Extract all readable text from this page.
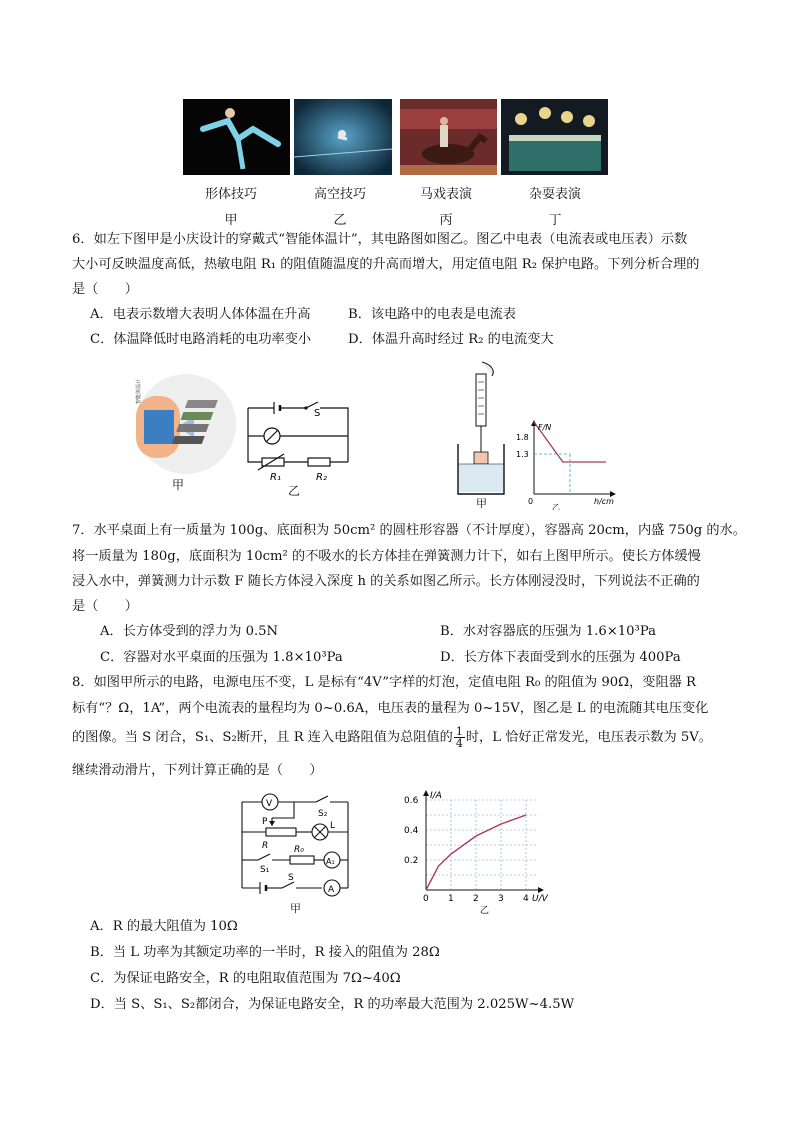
形体技巧	高空技巧	马戏表演	杂耍表演
甲	乙	丙	丁
6．如左下图甲是小庆设计的穿戴式“智能体温计”，其电路图如图乙。图乙中电表（电流表或电压表）示数
大小可反映温度高低，热敏电阻 R₁ 的阻值随温度的升高而增大，用定值电阻 R₂ 保护电路。下列分析合理的
是（　　）
A．电表示数增大表明人体体温在升高	B．该电路中的电表是电流表
C．体温降低时电路消耗的电功率变小	D．体温升高时经过 R₂ 的电流变大
智能体温计
甲
S
R₁	R₂
乙
甲
F/N
1.8
1.3
0	h/cm
乙
7．水平桌面上有一质量为 100g、底面积为 50cm² 的圆柱形容器（不计厚度），容器高 20cm，内盛 750g 的水。
将一质量为 180g，底面积为 10cm² 的不吸水的长方体挂在弹簧测力计下，如右上图甲所示。使长方体缓慢
浸入水中，弹簧测力计示数 F 随长方体浸入深度 h 的关系如图乙所示。长方体刚浸没时，下列说法不正确的
是（　　）
A．长方体受到的浮力为 0.5N	B．水对容器底的压强为 1.6×10³Pa
C．容器对水平桌面的压强为 1.8×10³Pa	D．长方体下表面受到水的压强为 400Pa
8．如图甲所示的电路，电源电压不变，L 是标有“4V”字样的灯泡，定值电阻 R₀ 的阻值为 90Ω，变阻器 R
标有“？Ω，1A”，两个电流表的量程均为 0~0.6A，电压表的量程为 0~15V，图乙是 L 的电流随其电压变化
的图像。当 S 闭合，S₁、S₂断开，且 R 连入电路阻值为总阻值的 $\frac{1}{4}$ 时，L 恰好正常发光，电压表示数为 5V。
继续滑动滑片，下列计算正确的是（　　）
V
S₂
P	L
R
S₁
R₀
A₁
S
A
甲
I/A
0.6
0.4
0.2
0 1 2 3 4 U/V
乙
A．R 的最大阻值为 10Ω
B．当 L 功率为其额定功率的一半时，R 接入的阻值为 28Ω
C．为保证电路安全，R 的电阻取值范围为 7Ω~40Ω
D．当 S、S₁、S₂都闭合，为保证电路安全，R 的功率最大范围为 2.025W~4.5W
